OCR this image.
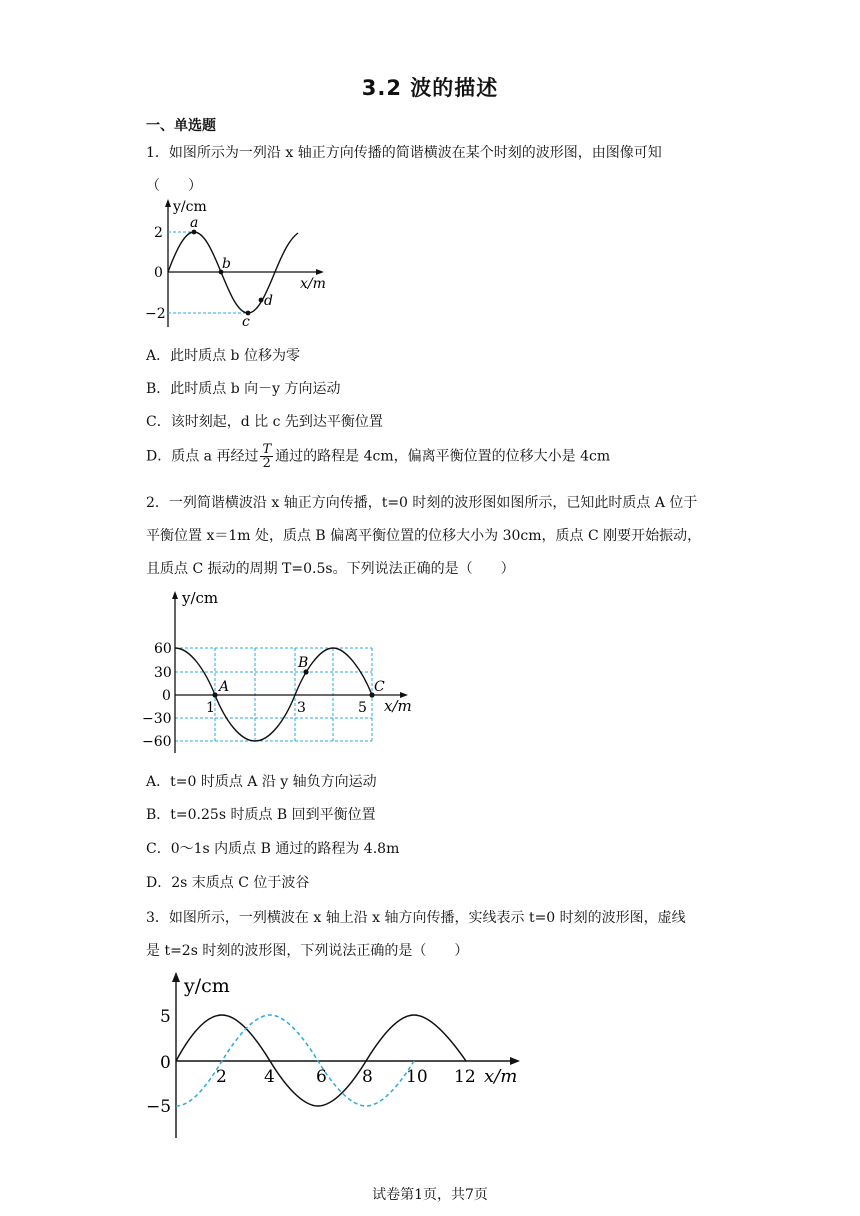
3.2 波的描述
一、单选题
1．如图所示为一列沿 x 轴正方向传播的简谐横波在某个时刻的波形图，由图像可知
（　　）
y/cm
x/m
2
0
−2
a
b
c
d
A．此时质点 b 位移为零
B．此时质点 b 向－y 方向运动
C．该时刻起，d 比 c 先到达平衡位置
D．质点 a 再经过 $\frac{T}{2}$ 通过的路程是 4cm，偏离平衡位置的位移大小是 4cm
2．一列简谐横波沿 x 轴正方向传播，t=0 时刻的波形图如图所示，已知此时质点 A 位于
平衡位置 x＝1m 处，质点 B 偏离平衡位置的位移大小为 30cm，质点 C 刚要开始振动，
且质点 C 振动的周期 T=0.5s。下列说法正确的是（　　）
y/cm
x/m
60
30
0
−30
−60
1	3	5
A
B
C
A．t=0 时质点 A 沿 y 轴负方向运动
B．t=0.25s 时质点 B 回到平衡位置
C．0～1s 内质点 B 通过的路程为 4.8m
D．2s 末质点 C 位于波谷
3．如图所示，一列横波在 x 轴上沿 x 轴方向传播，实线表示 t=0 时刻的波形图，虚线
是 t=2s 时刻的波形图，下列说法正确的是（　　）
y/cm
x/m
5
0
−5
2 4 6 8 10 12
试卷第1页，共7页
